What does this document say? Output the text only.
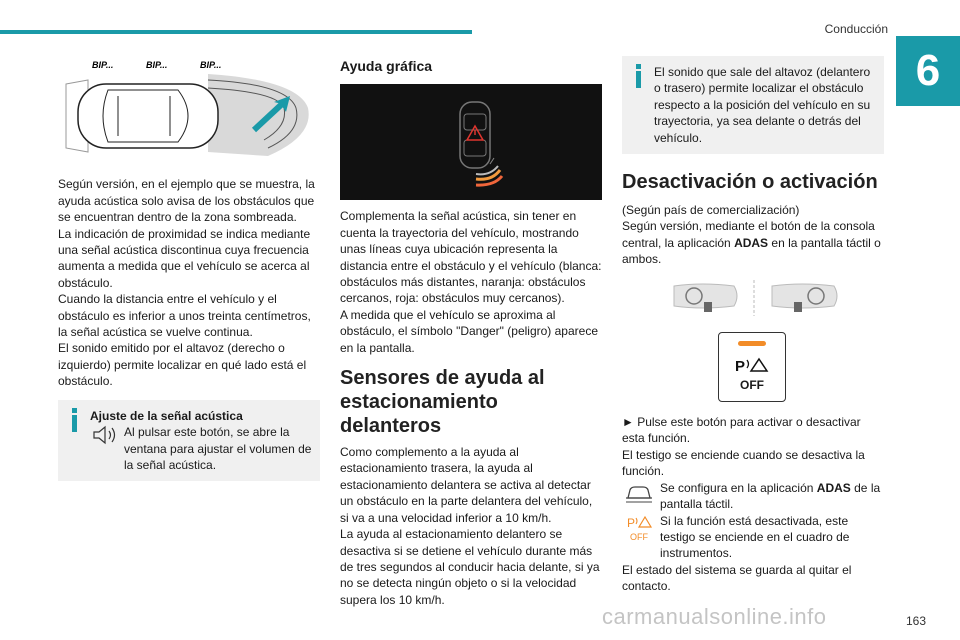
Conducción
6
BIP...	BIP...	BIP...

Según versión, en el ejemplo que se muestra, la ayuda acústica solo avisa de los obstáculos que se encuentran dentro de la zona sombreada.

La indicación de proximidad se indica mediante una señal acústica discontinua cuya frecuencia aumenta a medida que el vehículo se acerca al obstáculo.

Cuando la distancia entre el vehículo y el obstáculo es inferior a unos treinta centímetros, la señal acústica se vuelve continua.

El sonido emitido por el altavoz (derecho o izquierdo) permite localizar en qué lado está el obstáculo.

Ajuste de la señal acústica
Al pulsar este botón, se abre la ventana para ajustar el volumen de la señal acústica.
Ayuda gráfica

Complementa la señal acústica, sin tener en cuenta la trayectoria del vehículo, mostrando unas líneas cuya ubicación representa la distancia entre el obstáculo y el vehículo (blanca: obstáculos más distantes, naranja: obstáculos cercanos, roja: obstáculos muy cercanos).

A medida que el vehículo se aproxima al obstáculo, el símbolo "Danger" (peligro) aparece en la pantalla.

Sensores de ayuda al estacionamiento delanteros

Como complemento a la ayuda al estacionamiento trasera, la ayuda al estacionamiento delantera se activa al detectar un obstáculo en la parte delantera del vehículo, si va a una velocidad inferior a 10 km/h.

La ayuda al estacionamiento delantero se desactiva si se detiene el vehículo durante más de tres segundos al conducir hacia delante, si ya no se detecta ningún objeto o si la velocidad supera los 10 km/h.

El sonido que sale del altavoz (delantero o trasero) permite localizar el obstáculo respecto a la posición del vehículo en su trayectoria, ya sea delante o detrás del vehículo.
Desactivación o activación

(Según país de comercialización)

Según versión, mediante el botón de la consola central, la aplicación ADAS en la pantalla táctil o ambos.

P
OFF

► Pulse este botón para activar o desactivar esta función.

El testigo se enciende cuando se desactiva la función.

Se configura en la aplicación ADAS de la pantalla táctil.

P
OFF

Si la función está desactivada, este testigo se enciende en el cuadro de instrumentos.

El estado del sistema se guarda al quitar el contacto.

carmanualsonline.info	163
